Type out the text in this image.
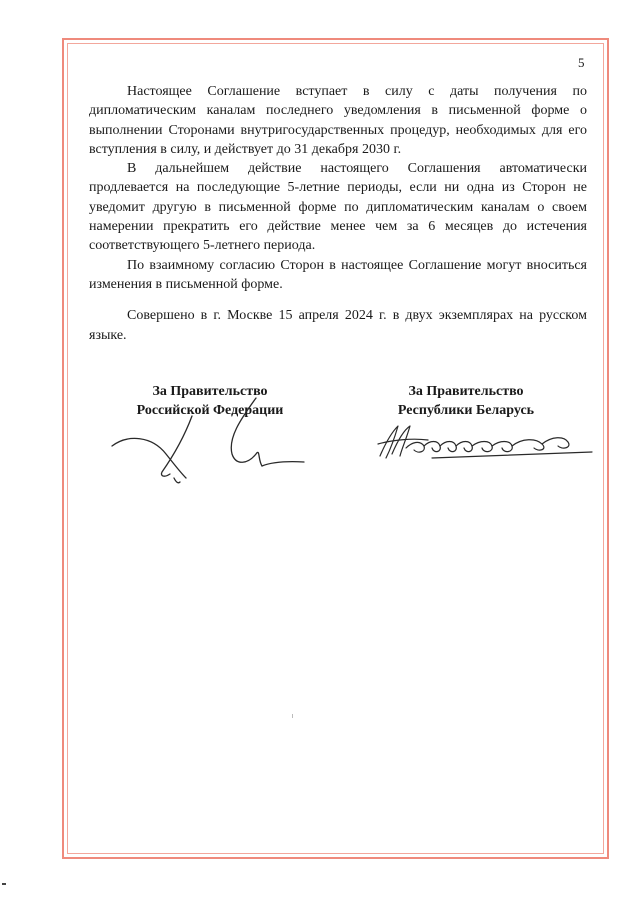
5

Настоящее Соглашение вступает в силу с даты получения по дипломатическим каналам последнего уведомления в письменной форме о выполнении Сторонами внутригосударственных процедур, необходимых для его вступления в силу, и действует до 31 декабря 2030 г.

В дальнейшем действие настоящего Соглашения автоматически продлевается на последующие 5-летние периоды, если ни одна из Сторон не уведомит другую в письменной форме по дипломатическим каналам о своем намерении прекратить его действие менее чем за 6 месяцев до истечения соответствующего 5-летнего периода.

По взаимному согласию Сторон в настоящее Соглашение могут вноситься изменения в письменной форме.

Совершено в г. Москве 15 апреля 2024 г. в двух экземплярах на русском языке.

За Правительство
Российской Федерации
За Правительство
Республики Беларусь
